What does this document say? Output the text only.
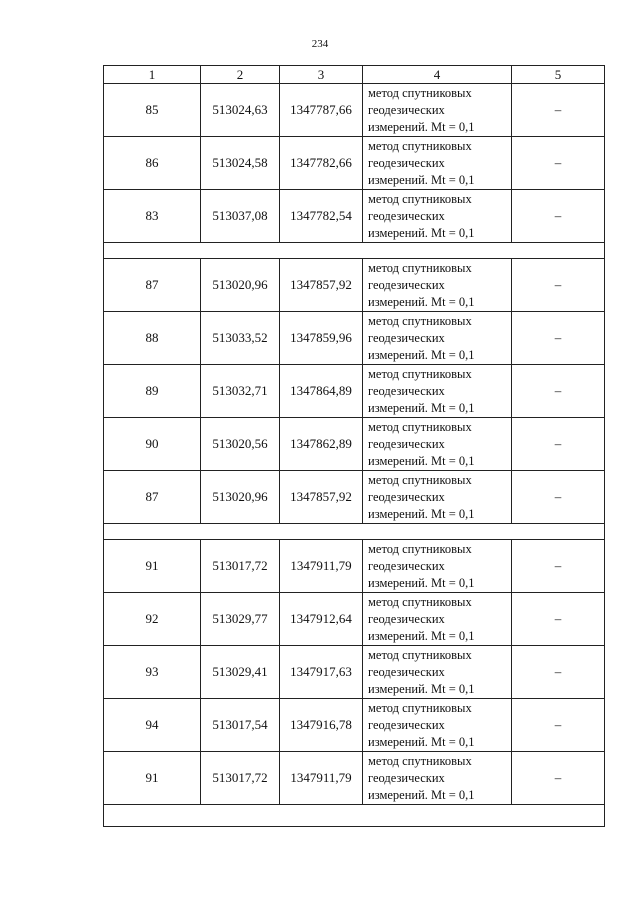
234
1	2	3	4	5
85	513024,63	1347787,66	метод спутниковых
геодезических
измерений. Mt = 0,1	–
86	513024,58	1347782,66	метод спутниковых
геодезических
измерений. Mt = 0,1	–
83	513037,08	1347782,54	метод спутниковых
геодезических
измерений. Mt = 0,1	–

87	513020,96	1347857,92	метод спутниковых
геодезических
измерений. Mt = 0,1	–
88	513033,52	1347859,96	метод спутниковых
геодезических
измерений. Mt = 0,1	–
89	513032,71	1347864,89	метод спутниковых
геодезических
измерений. Mt = 0,1	–
90	513020,56	1347862,89	метод спутниковых
геодезических
измерений. Mt = 0,1	–
87	513020,96	1347857,92	метод спутниковых
геодезических
измерений. Mt = 0,1	–

91	513017,72	1347911,79	метод спутниковых
геодезических
измерений. Mt = 0,1	–
92	513029,77	1347912,64	метод спутниковых
геодезических
измерений. Mt = 0,1	–
93	513029,41	1347917,63	метод спутниковых
геодезических
измерений. Mt = 0,1	–
94	513017,54	1347916,78	метод спутниковых
геодезических
измерений. Mt = 0,1	–
91	513017,72	1347911,79	метод спутниковых
геодезических
измерений. Mt = 0,1	–
